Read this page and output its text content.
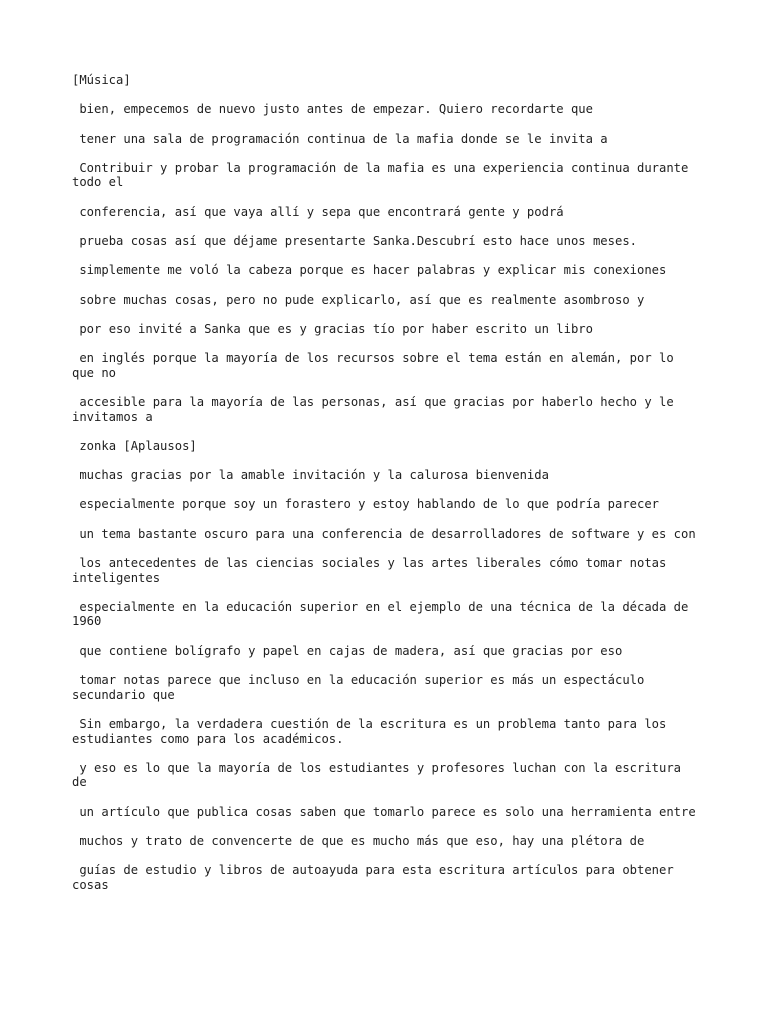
[Música]

bien, empecemos de nuevo justo antes de empezar. Quiero recordarte que

tener una sala de programación continua de la mafia donde se le invita a

Contribuir y probar la programación de la mafia es una experiencia continua durante todo el

conferencia, así que vaya allí y sepa que encontrará gente y podrá

prueba cosas así que déjame presentarte Sanka.Descubrí esto hace unos meses.

simplemente me voló la cabeza porque es hacer palabras y explicar mis conexiones

sobre muchas cosas, pero no pude explicarlo, así que es realmente asombroso y

por eso invité a Sanka que es y gracias tío por haber escrito un libro

en inglés porque la mayoría de los recursos sobre el tema están en alemán, por lo que no

accesible para la mayoría de las personas, así que gracias por haberlo hecho y le invitamos a

zonka [Aplausos]

muchas gracias por la amable invitación y la calurosa bienvenida

especialmente porque soy un forastero y estoy hablando de lo que podría parecer

un tema bastante oscuro para una conferencia de desarrolladores de software y es con

los antecedentes de las ciencias sociales y las artes liberales cómo tomar notas inteligentes

especialmente en la educación superior en el ejemplo de una técnica de la década de 1960

que contiene bolígrafo y papel en cajas de madera, así que gracias por eso

tomar notas parece que incluso en la educación superior es más un espectáculo secundario que

Sin embargo, la verdadera cuestión de la escritura es un problema tanto para los estudiantes como para los académicos.

y eso es lo que la mayoría de los estudiantes y profesores luchan con la escritura de

un artículo que publica cosas saben que tomarlo parece es solo una herramienta entre

muchos y trato de convencerte de que es mucho más que eso, hay una plétora de

guías de estudio y libros de autoayuda para esta escritura artículos para obtener cosas
